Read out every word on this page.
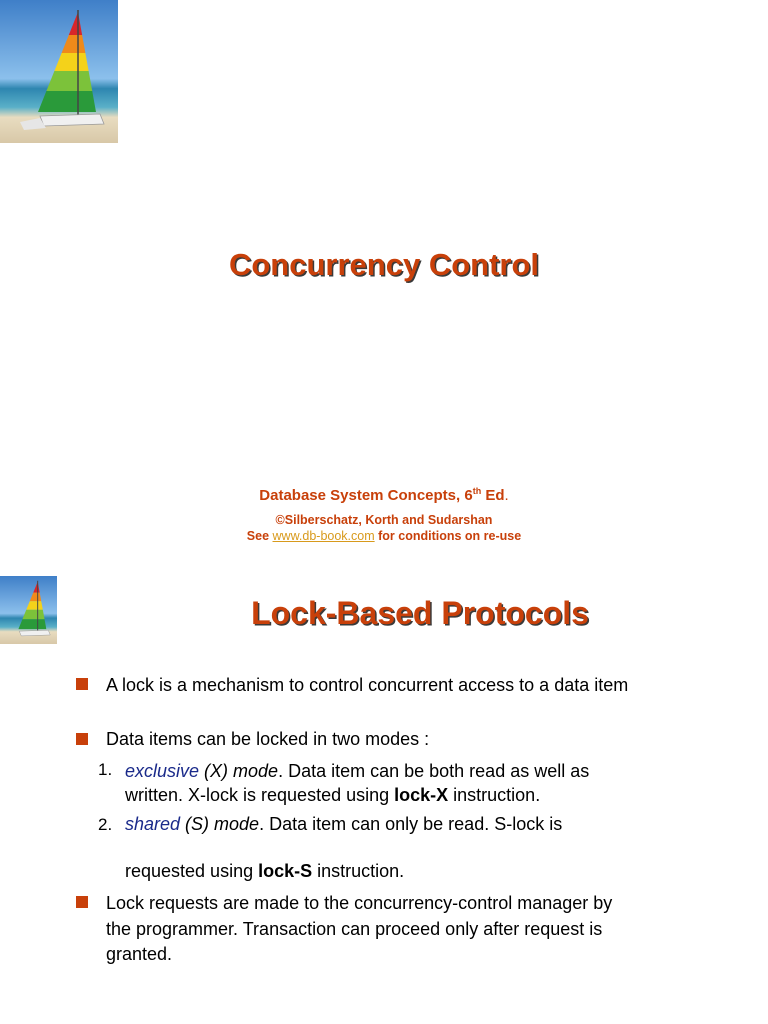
Concurrency Control
Database System Concepts, 6th Ed.
©Silberschatz, Korth and Sudarshan
See www.db-book.com for conditions on re-use
Lock-Based Protocols
A lock is a mechanism to control concurrent access to a data item
Data items can be locked in two modes :
1. exclusive (X) mode. Data item can be both read as well as written. X-lock is requested using lock-X instruction.
2. shared (S) mode. Data item can only be read. S-lock is
requested using lock-S instruction.
Lock requests are made to the concurrency-control manager by the programmer. Transaction can proceed only after request is granted.
